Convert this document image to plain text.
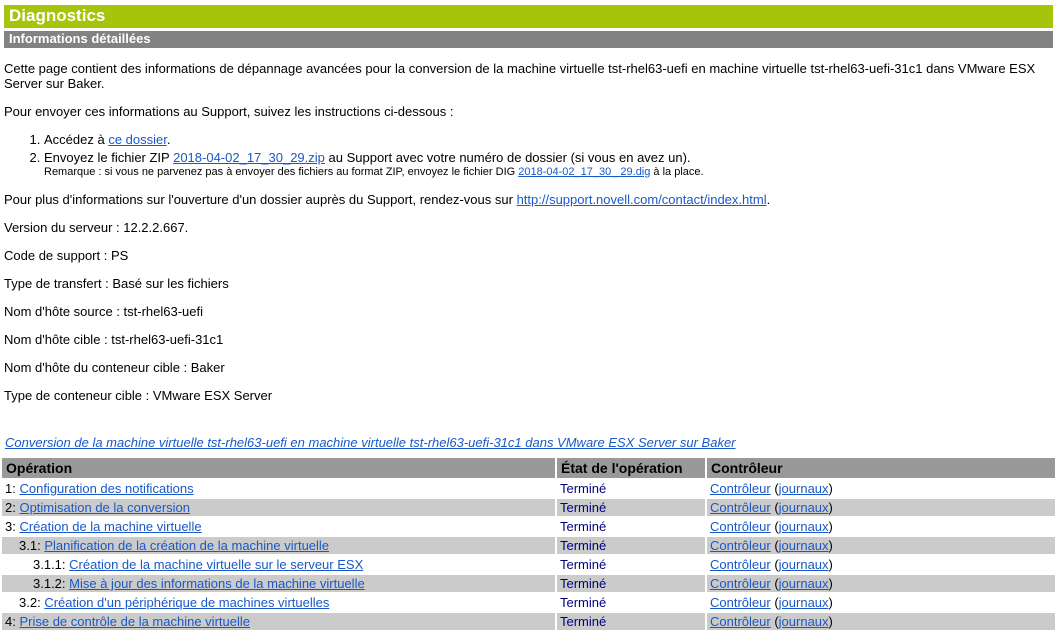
Diagnostics
Informations détaillées

Cette page contient des informations de dépannage avancées pour la conversion de la machine virtuelle tst-rhel63-uefi en machine virtuelle tst-rhel63-uefi-31c1 dans VMware ESX Server sur Baker.

Pour envoyer ces informations au Support, suivez les instructions ci-dessous :

1. Accédez à ce dossier.
2. Envoyez le fichier ZIP 2018-04-02_17_30_29.zip au Support avec votre numéro de dossier (si vous en avez un).
Remarque : si vous ne parvenez pas à envoyer des fichiers au format ZIP, envoyez le fichier DIG 2018-04-02_17_30_ 29.dig à la place.

Pour plus d'informations sur l'ouverture d'un dossier auprès du Support, rendez-vous sur http://support.novell.com/contact/index.html.

Version du serveur : 12.2.2.667.

Code de support : PS

Type de transfert : Basé sur les fichiers

Nom d'hôte source : tst-rhel63-uefi

Nom d'hôte cible : tst-rhel63-uefi-31c1

Nom d'hôte du conteneur cible : Baker

Type de conteneur cible : VMware ESX Server

Conversion de la machine virtuelle tst-rhel63-uefi en machine virtuelle tst-rhel63-uefi-31c1 dans VMware ESX Server sur Baker

Opération	État de l'opération	Contrôleur
1: Configuration des notifications	Terminé	Contrôleur (journaux)
2: Optimisation de la conversion	Terminé	Contrôleur (journaux)
3: Création de la machine virtuelle	Terminé	Contrôleur (journaux)
3.1: Planification de la création de la machine virtuelle	Terminé	Contrôleur (journaux)
3.1.1: Création de la machine virtuelle sur le serveur ESX	Terminé	Contrôleur (journaux)
3.1.2: Mise à jour des informations de la machine virtuelle	Terminé	Contrôleur (journaux)
3.2: Création d'un périphérique de machines virtuelles	Terminé	Contrôleur (journaux)
4: Prise de contrôle de la machine virtuelle	Terminé	Contrôleur (journaux)
